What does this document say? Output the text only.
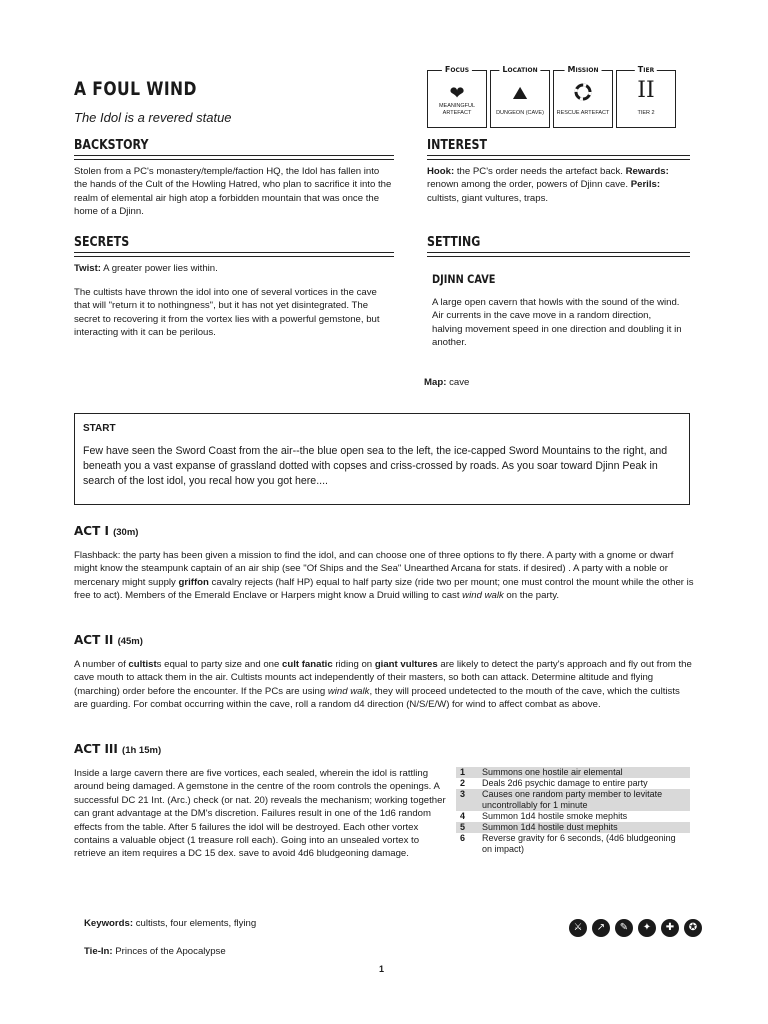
A FOUL WIND
The Idol is a revered statue
Focus
❤
MEANINGFUL ARTEFACT
Location
⛰
DUNGEON (CAVE)
Mission
RESCUE ARTEFACT
Tier
II
TIER 2
BACKSTORY
Stolen from a PC's monastery/temple/faction HQ, the Idol has fallen into the hands of the Cult of the Howling Hatred, who plan to sacrifice it into the realm of elemental air high atop a forbidden mountain that was once the home of a Djinn.
INTEREST
Hook: the PC's order needs the artefact back. Rewards: renown among the order, powers of Djinn cave. Perils: cultists, giant vultures, traps.
SECRETS
Twist: A greater power lies within.
The cultists have thrown the idol into one of several vortices in the cave that will "return it to nothingness", but it has not yet disintegrated. The secret to recovering it from the vortex lies with a powerful gemstone, but interacting with it can be perilous.
SETTING
DJINN CAVE
A large open cavern that howls with the sound of the wind. Air currents in the cave move in a random direction, halving movement speed in one direction and doubling it in another.
Map: cave
START
Few have seen the Sword Coast from the air--the blue open sea to the left, the ice-capped Sword Mountains to the right, and beneath you a vast expanse of grassland dotted with copses and criss-crossed by roads. As you soar toward Djinn Peak in search of the lost idol, you recal how you got here....
ACT I (30m)
Flashback: the party has been given a mission to find the idol, and can choose one of three options to fly there. A party with a gnome or dwarf might know the steampunk captain of an air ship (see "Of Ships and the Sea" Unearthed Arcana for stats. if desired) . A party with a noble or mercenary might supply griffon cavalry rejects (half HP) equal to half party size (ride two per mount; one must control the mount while the other is free to act). Members of the Emerald Enclave or Harpers might know a Druid willing to cast wind walk on the party.
ACT II (45m)
A number of cultists equal to party size and one cult fanatic riding on giant vultures are likely to detect the party's approach and fly out from the cave mouth to attack them in the air. Cultists mounts act independently of their masters, so both can attack. Determine altitude and flying (marching) order before the encounter. If the PCs are using wind walk, they will proceed undetected to the mouth of the cave, which the cultists are guarding. For combat occurring within the cave, roll a random d4 direction (N/S/E/W) for wind to affect combat as above.
ACT III (1h 15m)
Inside a large cavern there are five vortices, each sealed, wherein the idol is rattling around being damaged. A gemstone in the centre of the room controls the openings. A successful DC 21 Int. (Arc.) check (or nat. 20) reveals the mechanism; working together can grant advantage at the DM's discretion. Failures result in one of the 1d6 random effects from the table. After 5 failures the idol will be destroyed. Each other vortex contains a valuable object (1 treasure roll each). Going into an unsealed vortex to retrieve an item requires a DC 15 dex. save to avoid 4d6 bludgeoning damage.
1	Summons one hostile air elemental
2	Deals 2d6 psychic damage to entire party
3	Causes one random party member to levitate uncontrollably for 1 minute
4	Summon 1d4 hostile smoke mephits
5	Summon 1d4 hostile dust mephits
6	Reverse gravity for 6 seconds, (4d6 bludgeoning on impact)
Keywords: cultists, four elements, flying
Tie-In: Princes of the Apocalypse
1
⚔	↗	✎	✦	✚	✪
